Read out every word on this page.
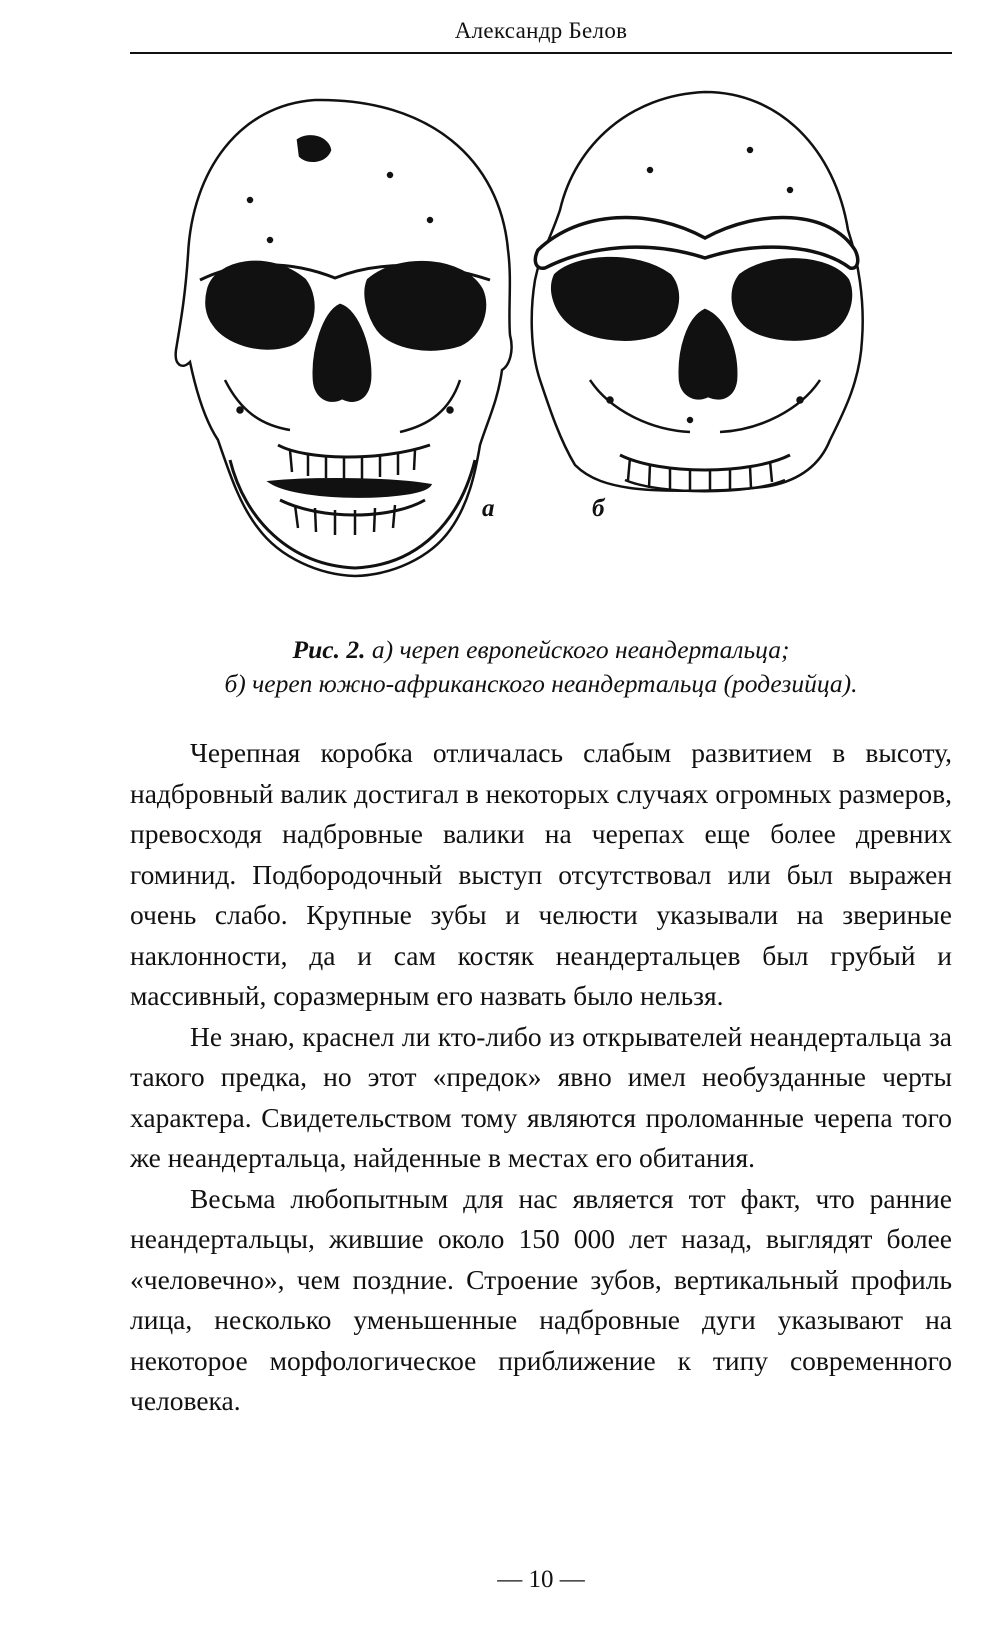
Александр Белов
а	б
Рис. 2. а) череп европейского неандертальца;
б) череп южно-африканского неандертальца (родезийца).

Черепная коробка отличалась слабым развитием в высоту, надбровный валик достигал в некоторых случаях огромных размеров, превосходя надбровные валики на черепах еще более древних гоминид. Подбородочный выступ отсутствовал или был выражен очень слабо. Крупные зубы и челюсти указывали на звериные наклонности, да и сам костяк неандертальцев был грубый и массивный, соразмерным его назвать было нельзя.

Не знаю, краснел ли кто-либо из открывателей неандертальца за такого предка, но этот «предок» явно имел необузданные черты характера. Свидетельством тому являются проломанные черепа того же неандертальца, найденные в местах его обитания.

Весьма любопытным для нас является тот факт, что ранние неандертальцы, жившие около 150 000 лет назад, выглядят более «человечно», чем поздние. Строение зубов, вертикальный профиль лица, несколько уменьшенные надбровные дуги указывают на некоторое морфологическое приближение к типу современного человека.

— 10 —
